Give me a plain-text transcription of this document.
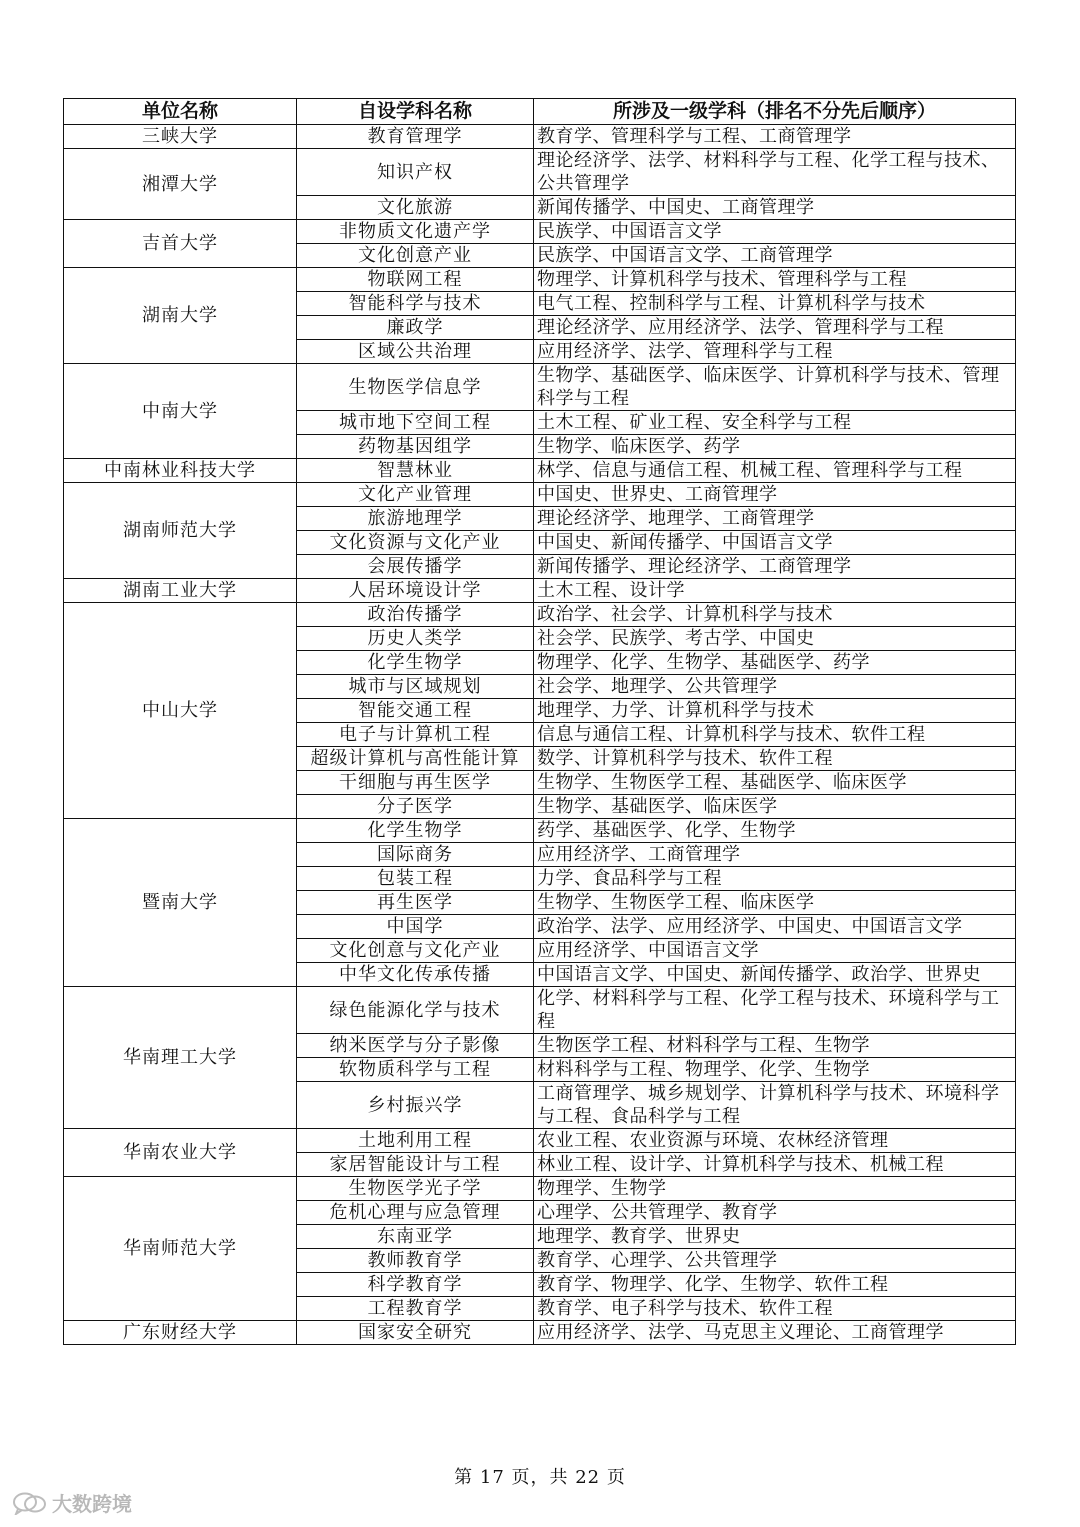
单位名称	自设学科名称	所涉及一级学科（排名不分先后顺序）
三峡大学	教育管理学	教育学、管理科学与工程、工商管理学
湘潭大学	知识产权	理论经济学、法学、材料科学与工程、化学工程与技术、公共管理学
	文化旅游	新闻传播学、中国史、工商管理学
吉首大学	非物质文化遗产学	民族学、中国语言文学
	文化创意产业	民族学、中国语言文学、工商管理学
湖南大学	物联网工程	物理学、计算机科学与技术、管理科学与工程
	智能科学与技术	电气工程、控制科学与工程、计算机科学与技术
	廉政学	理论经济学、应用经济学、法学、管理科学与工程
	区域公共治理	应用经济学、法学、管理科学与工程
中南大学	生物医学信息学	生物学、基础医学、临床医学、计算机科学与技术、管理科学与工程
	城市地下空间工程	土木工程、矿业工程、安全科学与工程
	药物基因组学	生物学、临床医学、药学
中南林业科技大学	智慧林业	林学、信息与通信工程、机械工程、管理科学与工程
湖南师范大学	文化产业管理	中国史、世界史、工商管理学
	旅游地理学	理论经济学、地理学、工商管理学
	文化资源与文化产业	中国史、新闻传播学、中国语言文学
	会展传播学	新闻传播学、理论经济学、工商管理学
湖南工业大学	人居环境设计学	土木工程、设计学
中山大学	政治传播学	政治学、社会学、计算机科学与技术
	历史人类学	社会学、民族学、考古学、中国史
	化学生物学	物理学、化学、生物学、基础医学、药学
	城市与区域规划	社会学、地理学、公共管理学
	智能交通工程	地理学、力学、计算机科学与技术
	电子与计算机工程	信息与通信工程、计算机科学与技术、软件工程
	超级计算机与高性能计算	数学、计算机科学与技术、软件工程
	干细胞与再生医学	生物学、生物医学工程、基础医学、临床医学
	分子医学	生物学、基础医学、临床医学
暨南大学	化学生物学	药学、基础医学、化学、生物学
	国际商务	应用经济学、工商管理学
	包装工程	力学、食品科学与工程
	再生医学	生物学、生物医学工程、临床医学
	中国学	政治学、法学、应用经济学、中国史、中国语言文学
	文化创意与文化产业	应用经济学、中国语言文学
	中华文化传承传播	中国语言文学、中国史、新闻传播学、政治学、世界史
华南理工大学	绿色能源化学与技术	化学、材料科学与工程、化学工程与技术、环境科学与工程
	纳米医学与分子影像	生物医学工程、材料科学与工程、生物学
	软物质科学与工程	材料科学与工程、物理学、化学、生物学
	乡村振兴学	工商管理学、城乡规划学、计算机科学与技术、环境科学与工程、食品科学与工程
华南农业大学	土地利用工程	农业工程、农业资源与环境、农林经济管理
	家居智能设计与工程	林业工程、设计学、计算机科学与技术、机械工程
华南师范大学	生物医学光子学	物理学、生物学
	危机心理与应急管理	心理学、公共管理学、教育学
	东南亚学	地理学、教育学、世界史
	教师教育学	教育学、心理学、公共管理学
	科学教育学	教育学、物理学、化学、生物学、软件工程
	工程教育学	教育学、电子科学与技术、软件工程
广东财经大学	国家安全研究	应用经济学、法学、马克思主义理论、工商管理学
第 17 页，共 22 页
大数跨境
